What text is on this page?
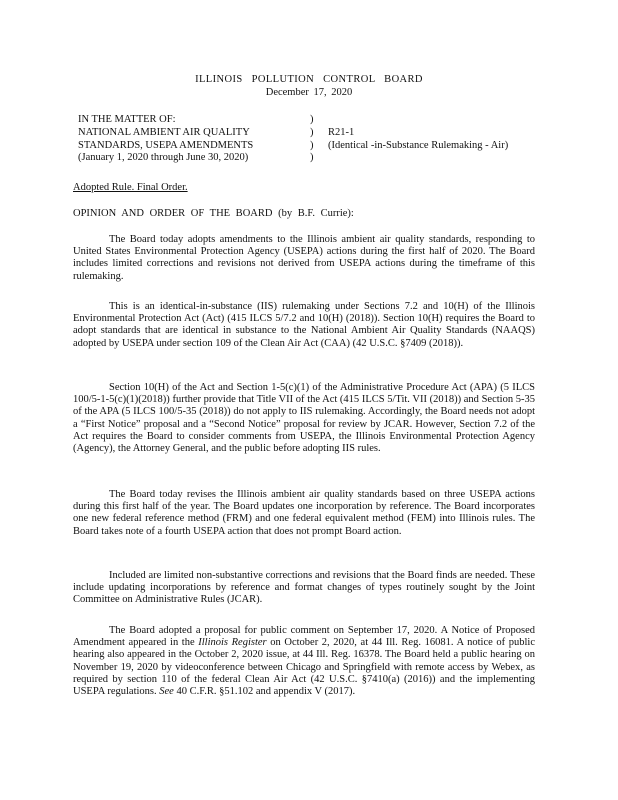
ILLINOIS POLLUTION CONTROL BOARD
December 17, 2020
IN THE MATTER OF:	)
NATIONAL AMBIENT AIR QUALITY	) R21-1
STANDARDS, USEPA AMENDMENTS	) (Identical -in-Substance Rulemaking - Air)
(January 1, 2020 through June 30, 2020)	)
Adopted Rule. Final Order.
OPINION AND ORDER OF THE BOARD (by B.F. Currie):
The Board today adopts amendments to the Illinois ambient air quality standards, responding to United States Environmental Protection Agency (USEPA) actions during the first half of 2020. The Board includes limited corrections and revisions not derived from USEPA actions during the timeframe of this rulemaking.
This is an identical-in-substance (IIS) rulemaking under Sections 7.2 and 10(H) of the Illinois Environmental Protection Act (Act) (415 ILCS 5/7.2 and 10(H) (2018)). Section 10(H) requires the Board to adopt standards that are identical in substance to the National Ambient Air Quality Standards (NAAQS) adopted by USEPA under section 109 of the Clean Air Act (CAA) (42 U.S.C. §7409 (2018)).
Section 10(H) of the Act and Section 1-5(c)(1) of the Administrative Procedure Act (APA) (5 ILCS 100/5-1-5(c)(1)(2018)) further provide that Title VII of the Act (415 ILCS 5/Tit. VII (2018)) and Section 5-35 of the APA (5 ILCS 100/5-35 (2018)) do not apply to IIS rulemaking. Accordingly, the Board needs not adopt a “First Notice” proposal and a “Second Notice” proposal for review by JCAR. However, Section 7.2 of the Act requires the Board to consider comments from USEPA, the Illinois Environmental Protection Agency (Agency), the Attorney General, and the public before adopting IIS rules.
The Board today revises the Illinois ambient air quality standards based on three USEPA actions during this first half of the year. The Board updates one incorporation by reference. The Board incorporates one new federal reference method (FRM) and one federal equivalent method (FEM) into Illinois rules. The Board takes note of a fourth USEPA action that does not prompt Board action.
Included are limited non-substantive corrections and revisions that the Board finds are needed. These include updating incorporations by reference and format changes of types routinely sought by the Joint Committee on Administrative Rules (JCAR).
The Board adopted a proposal for public comment on September 17, 2020. A Notice of Proposed Amendment appeared in the Illinois Register on October 2, 2020, at 44 Ill. Reg. 16081. A notice of public hearing also appeared in the October 2, 2020 issue, at 44 Ill. Reg. 16378. The Board held a public hearing on November 19, 2020 by videoconference between Chicago and Springfield with remote access by Webex, as required by section 110 of the federal Clean Air Act (42 U.S.C. §7410(a) (2016)) and the implementing USEPA regulations. See 40 C.F.R. §51.102 and appendix V (2017).
